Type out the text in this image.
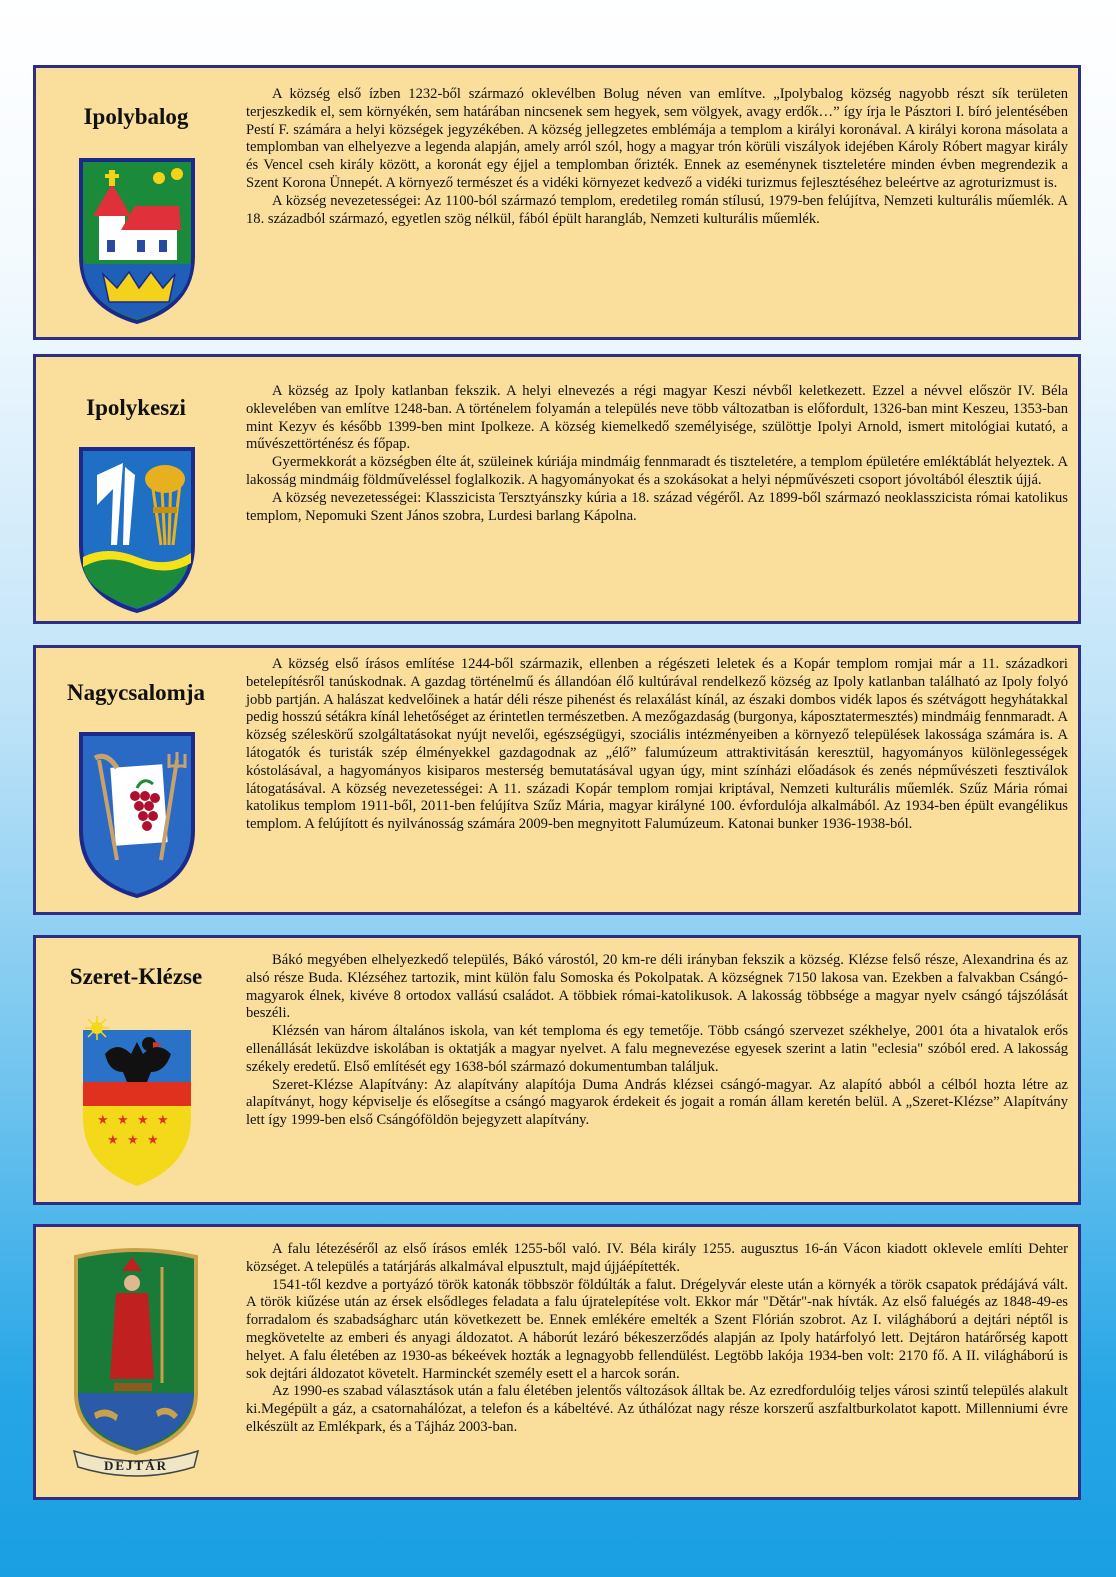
Ipolybalog

A község első ízben 1232-ből származó oklevélben Bolug néven van említve. „Ipolybalog község nagyobb részt sík területen terjeszkedik el, sem környékén, sem határában nincsenek sem hegyek, sem völgyek, avagy erdők…” így írja le Pásztori I. bíró jelentésében Pestí F. számára a helyi községek jegyzékében. A község jellegzetes emblémája a templom a királyi koronával. A királyi korona másolata a templomban van elhelyezve a legenda alapján, amely arról szól, hogy a magyar trón körüli viszályok idejében Károly Róbert magyar király és Vencel cseh király között, a koronát egy éjjel a templomban őrizték. Ennek az eseménynek tiszteletére minden évben megrendezik a Szent Korona Ünnepét. A környező természet és a vidéki környezet kedvező a vidéki turizmus fejlesztéséhez beleértve az agroturizmust is.

A község nevezetességei: Az 1100-ból származó templom, eredetileg román stílusú, 1979-ben felújítva, Nemzeti kulturális műemlék. A 18. századból származó, egyetlen szög nélkül, fából épült harangláb, Nemzeti kulturális műemlék.

Ipolykeszi

A község az Ipoly katlanban fekszik. A helyi elnevezés a régi magyar Keszi névből keletkezett. Ezzel a névvel először IV. Béla oklevelében van említve 1248-ban. A történelem folyamán a település neve több változatban is előfordult, 1326-ban mint Keszeu, 1353-ban mint Kezyv és később 1399-ben mint Ipolkeze. A község kiemelkedő személyisége, szülöttje Ipolyi Arnold, ismert mitológiai kutató, a művészettörténész és főpap.

Gyermekkorát a községben élte át, szüleinek kúriája mindmáig fennmaradt és tiszteletére, a templom épületére emléktáblát helyeztek. A lakosság mindmáig földműveléssel foglalkozik. A hagyományokat és a szokásokat a helyi népművészeti csoport jóvoltából élesztik újjá.

A község nevezetességei: Klasszicista Tersztyánszky kúria a 18. század végéről. Az 1899-ből származó neoklasszicista római katolikus templom, Nepomuki Szent János szobra, Lurdesi barlang Kápolna.

Nagycsalomja

A község első írásos említése 1244-ből származik, ellenben a régészeti leletek és a Kopár templom romjai már a 11. századkori betelepítésről tanúskodnak. A gazdag történelmű és állandóan élő kultúrával rendelkező község az Ipoly katlanban található az Ipoly folyó jobb partján. A halászat kedvelőinek a határ déli része pihenést és relaxálást kínál, az északi dombos vidék lapos és szétvágott hegyhátakkal pedig hosszú sétákra kínál lehetőséget az érintetlen természetben. A mezőgazdaság (burgonya, káposztatermesztés) mindmáig fennmaradt. A község széleskörű szolgáltatásokat nyújt nevelői, egészségügyi, szociális intézményeiben a környező települések lakossága számára is. A látogatók és turisták szép élményekkel gazdagodnak az „élő” falumúzeum attraktivitásán keresztül, hagyományos különlegességek kóstolásával, a hagyományos kisiparos mesterség bemutatásával ugyan úgy, mint színházi előadások és zenés népművészeti fesztiválok látogatásával. A község nevezetességei: A 11. századi Kopár templom romjai kriptával, Nemzeti kulturális műemlék. Szűz Mária római katolikus templom 1911-ből, 2011-ben felújítva Szűz Mária, magyar királyné 100. évfordulója alkalmából. Az 1934-ben épült evangélikus templom. A felújított és nyilvánosság számára 2009-ben megnyitott Falumúzeum. Katonai bunker 1936-1938-ból.

Szeret-Klézse
★ ★ ★ ★
★ ★ ★

Bákó megyében elhelyezkedő település, Bákó várostól, 20 km-re déli irányban fekszik a község. Klézse felső része, Alexandrina és az alsó része Buda. Klézséhez tartozik, mint külön falu Somoska és Pokolpatak. A községnek 7150 lakosa van. Ezekben a falvakban Csángó-magyarok élnek, kivéve 8 ortodox vallású családot. A többiek római-katolikusok. A lakosság többsége a magyar nyelv csángó tájszólását beszéli.

Klézsén van három általános iskola, van két temploma és egy temetője. Több csángó szervezet székhelye, 2001 óta a hivatalok erős ellenállását leküzdve iskolában is oktatják a magyar nyelvet. A falu megnevezése egyesek szerint a latin "eclesia" szóból ered. A lakosság székely eredetű. Első említését egy 1638-ból származó dokumentumban találjuk.

Szeret-Klézse Alapítvány: Az alapítvány alapítója Duma András klézsei csángó-magyar. Az alapító abból a célból hozta létre az alapítványt, hogy képviselje és elősegítse a csángó magyarok érdekeit és jogait a román állam keretén belül. A „Szeret-Klézse” Alapítvány lett így 1999-ben első Csángóföldön bejegyzett alapítvány.

DEJTÁR

A falu létezéséről az első írásos emlék 1255-ből való. IV. Béla király 1255. augusztus 16-án Vácon kiadott oklevele említi Dehter községet. A település a tatárjárás alkalmával elpusztult, majd újjáépítették.

1541-től kezdve a portyázó török katonák többször földúlták a falut. Drégelyvár eleste után a környék a török csapatok prédájává vált. A török kiűzése után az érsek elsődleges feladata a falu újratelepítése volt. Ekkor már "Dětár"-nak hívták. Az első faluégés az 1848-49-es forradalom és szabadságharc után következett be. Ennek emlékére emelték a Szent Flórián szobrot. Az I. világháború a dejtári néptől is megkövetelte az emberi és anyagi áldozatot. A háborút lezáró békeszerződés alapján az Ipoly határfolyó lett. Dejtáron határőrség kapott helyet. A falu életében az 1930-as békeévek hozták a legnagyobb fellendülést. Legtöbb lakója 1934-ben volt: 2170 fő. A II. világháború is sok dejtári áldozatot követelt. Harminckét személy esett el a harcok során.

Az 1990-es szabad választások után a falu életében jelentős változások álltak be. Az ezredfordulóig teljes városi szintű település alakult ki.Megépült a gáz, a csatornahálózat, a telefon és a kábeltévé. Az úthálózat nagy része korszerű aszfaltburkolatot kapott. Millenniumi évre elkészült az Emlékpark, és a Tájház 2003-ban.
